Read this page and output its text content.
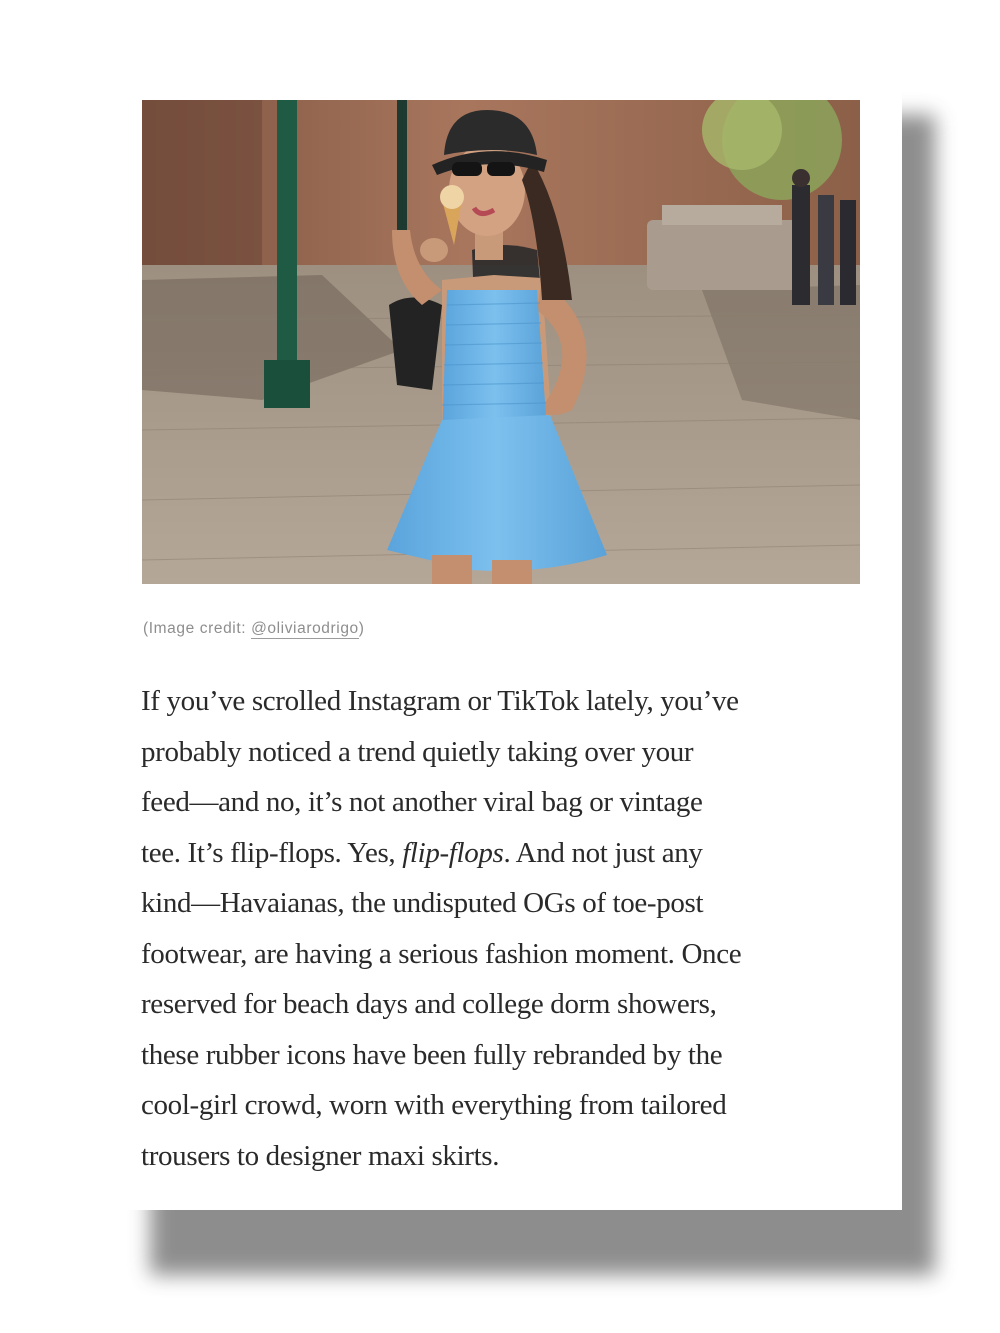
(Image credit: @oliviarodrigo)

If you’ve scrolled Instagram or TikTok lately, you’ve
probably noticed a trend quietly taking over your
feed—and no, it’s not another viral bag or vintage
tee. It’s flip-flops. Yes, flip-flops. And not just any
kind—Havaianas, the undisputed OGs of toe-post
footwear, are having a serious fashion moment. Once
reserved for beach days and college dorm showers,
these rubber icons have been fully rebranded by the
cool-girl crowd, worn with everything from tailored
trousers to designer maxi skirts.
